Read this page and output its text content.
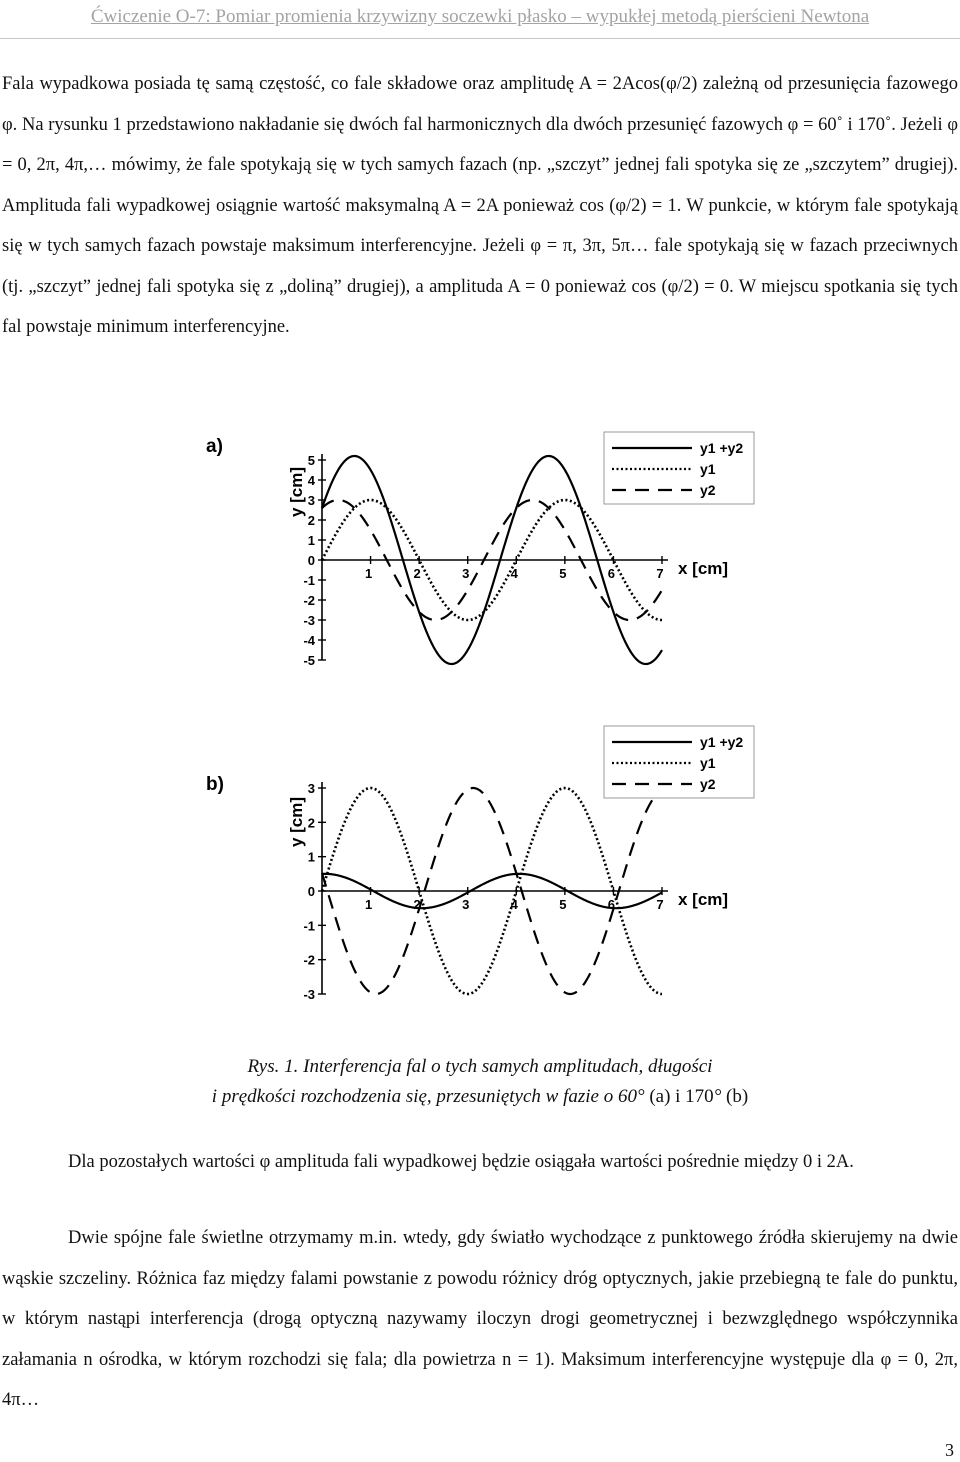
Ćwiczenie O-7: Pomiar promienia krzywizny soczewki płasko – wypukłej metodą pierścieni Newtona

Fala wypadkowa posiada tę samą częstość, co fale składowe oraz amplitudę A = 2Acos(φ/2) zależną od przesunięcia fazowego φ. Na rysunku 1 przedstawiono nakładanie się dwóch fal harmonicznych dla dwóch przesunięć fazowych φ = 60˚ i 170˚. Jeżeli φ = 0, 2π, 4π,… mówimy, że fale spotykają się w tych samych fazach (np. „szczyt” jednej fali spotyka się ze „szczytem” drugiej). Amplituda fali wypadkowej osiągnie wartość maksymalną A = 2A ponieważ cos (φ/2) = 1. W punkcie, w którym fale spotykają się w tych samych fazach powstaje maksimum interferencyjne. Jeżeli φ = π, 3π, 5π… fale spotykają się w fazach przeciwnych (tj. „szczyt” jednej fali spotyka się z „doliną” drugiej), a amplituda A = 0 ponieważ cos (φ/2) = 0. W miejscu spotkania się tych fal powstaje minimum interferencyjne.

a)
y [cm]
5
4
3
2
1
0
-1
-2
-3
-4
-5
1	2	3	4	5	6	7 x [cm]
y1 +y2
y1
y2
b)
y [cm]
3
2
1
0
-1
-2
-3
1	2	3	4	5	6	7 x [cm]
y1 +y2
y1
y2
Rys. 1. Interferencja fal o tych samych amplitudach, długości
i prędkości rozchodzenia się, przesuniętych w fazie o 60° (a) i 170° (b)

Dla pozostałych wartości φ amplituda fali wypadkowej będzie osiągała wartości pośrednie między 0 i 2A.

Dwie spójne fale świetlne otrzymamy m.in. wtedy, gdy światło wychodzące z punktowego źródła skierujemy na dwie wąskie szczeliny. Różnica faz między falami powstanie z powodu różnicy dróg optycznych, jakie przebiegną te fale do punktu, w którym nastąpi interferencja (drogą optyczną nazywamy iloczyn drogi geometrycznej i bezwzględnego współczynnika załamania n ośrodka, w którym rozchodzi się fala; dla powietrza n = 1). Maksimum interferencyjne występuje dla φ = 0, 2π, 4π…

3
